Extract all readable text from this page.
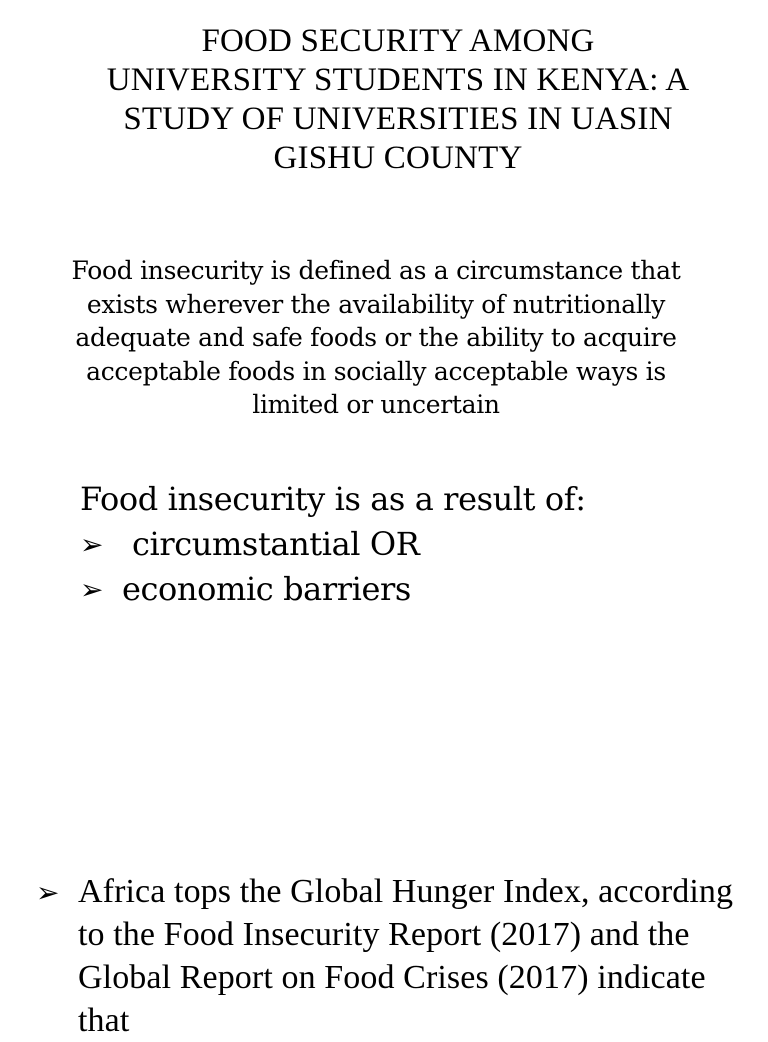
FOOD SECURITY AMONG UNIVERSITY STUDENTS IN KENYA: A STUDY OF UNIVERSITIES IN UASIN GISHU COUNTY

Food insecurity is defined as a circumstance that exists wherever the availability of nutritionally adequate and safe foods or the ability to acquire acceptable foods in socially acceptable ways is limited or uncertain

Food insecurity is as a result of:

➢ circumstantial OR
➢ economic barriers
➢ Africa tops the Global Hunger Index, according to the Food Insecurity Report (2017) and the Global Report on Food Crises (2017) indicate that
